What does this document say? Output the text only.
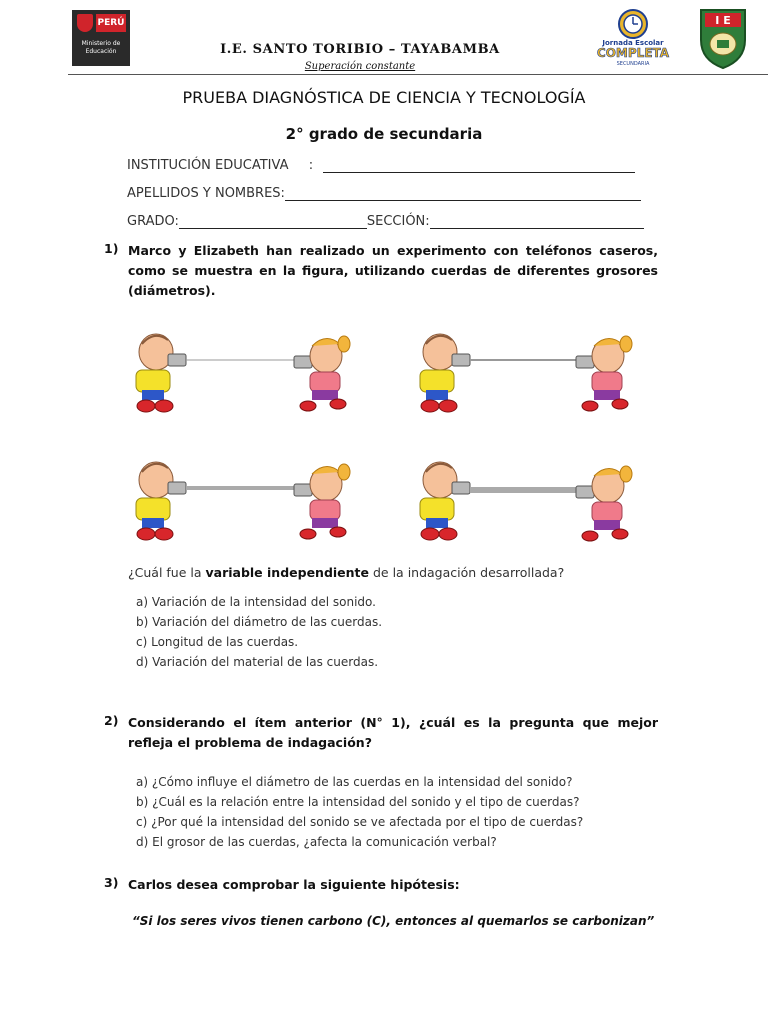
PERÚ
Ministerio de Educación	I.E. SANTO TORIBIO – TAYABAMBA
Superación constante
Jornada Escolar
COMPLETA
SECUNDARIA
I E
PRUEBA DIAGNÓSTICA DE CIENCIA Y TECNOLOGÍA
2° grado de secundaria
INSTITUCIÓN EDUCATIVA :
APELLIDOS Y NOMBRES:
GRADO:	SECCIÓN:
1) Marco y Elizabeth han realizado un experimento con teléfonos caseros, como se muestra en la figura, utilizando cuerdas de diferentes grosores (diámetros).
¿Cuál fue la variable independiente de la indagación desarrollada?
a) Variación de la intensidad del sonido.
b) Variación del diámetro de las cuerdas.
c) Longitud de las cuerdas.
d) Variación del material de las cuerdas.
2) Considerando el ítem anterior (N° 1), ¿cuál es la pregunta que mejor refleja el problema de indagación?
a) ¿Cómo influye el diámetro de las cuerdas en la intensidad del sonido?
b) ¿Cuál es la relación entre la intensidad del sonido y el tipo de cuerdas?
c) ¿Por qué la intensidad del sonido se ve afectada por el tipo de cuerdas?
d) El grosor de las cuerdas, ¿afecta la comunicación verbal?
3) Carlos desea comprobar la siguiente hipótesis:
“Si los seres vivos tienen carbono (C), entonces al quemarlos se carbonizan”
